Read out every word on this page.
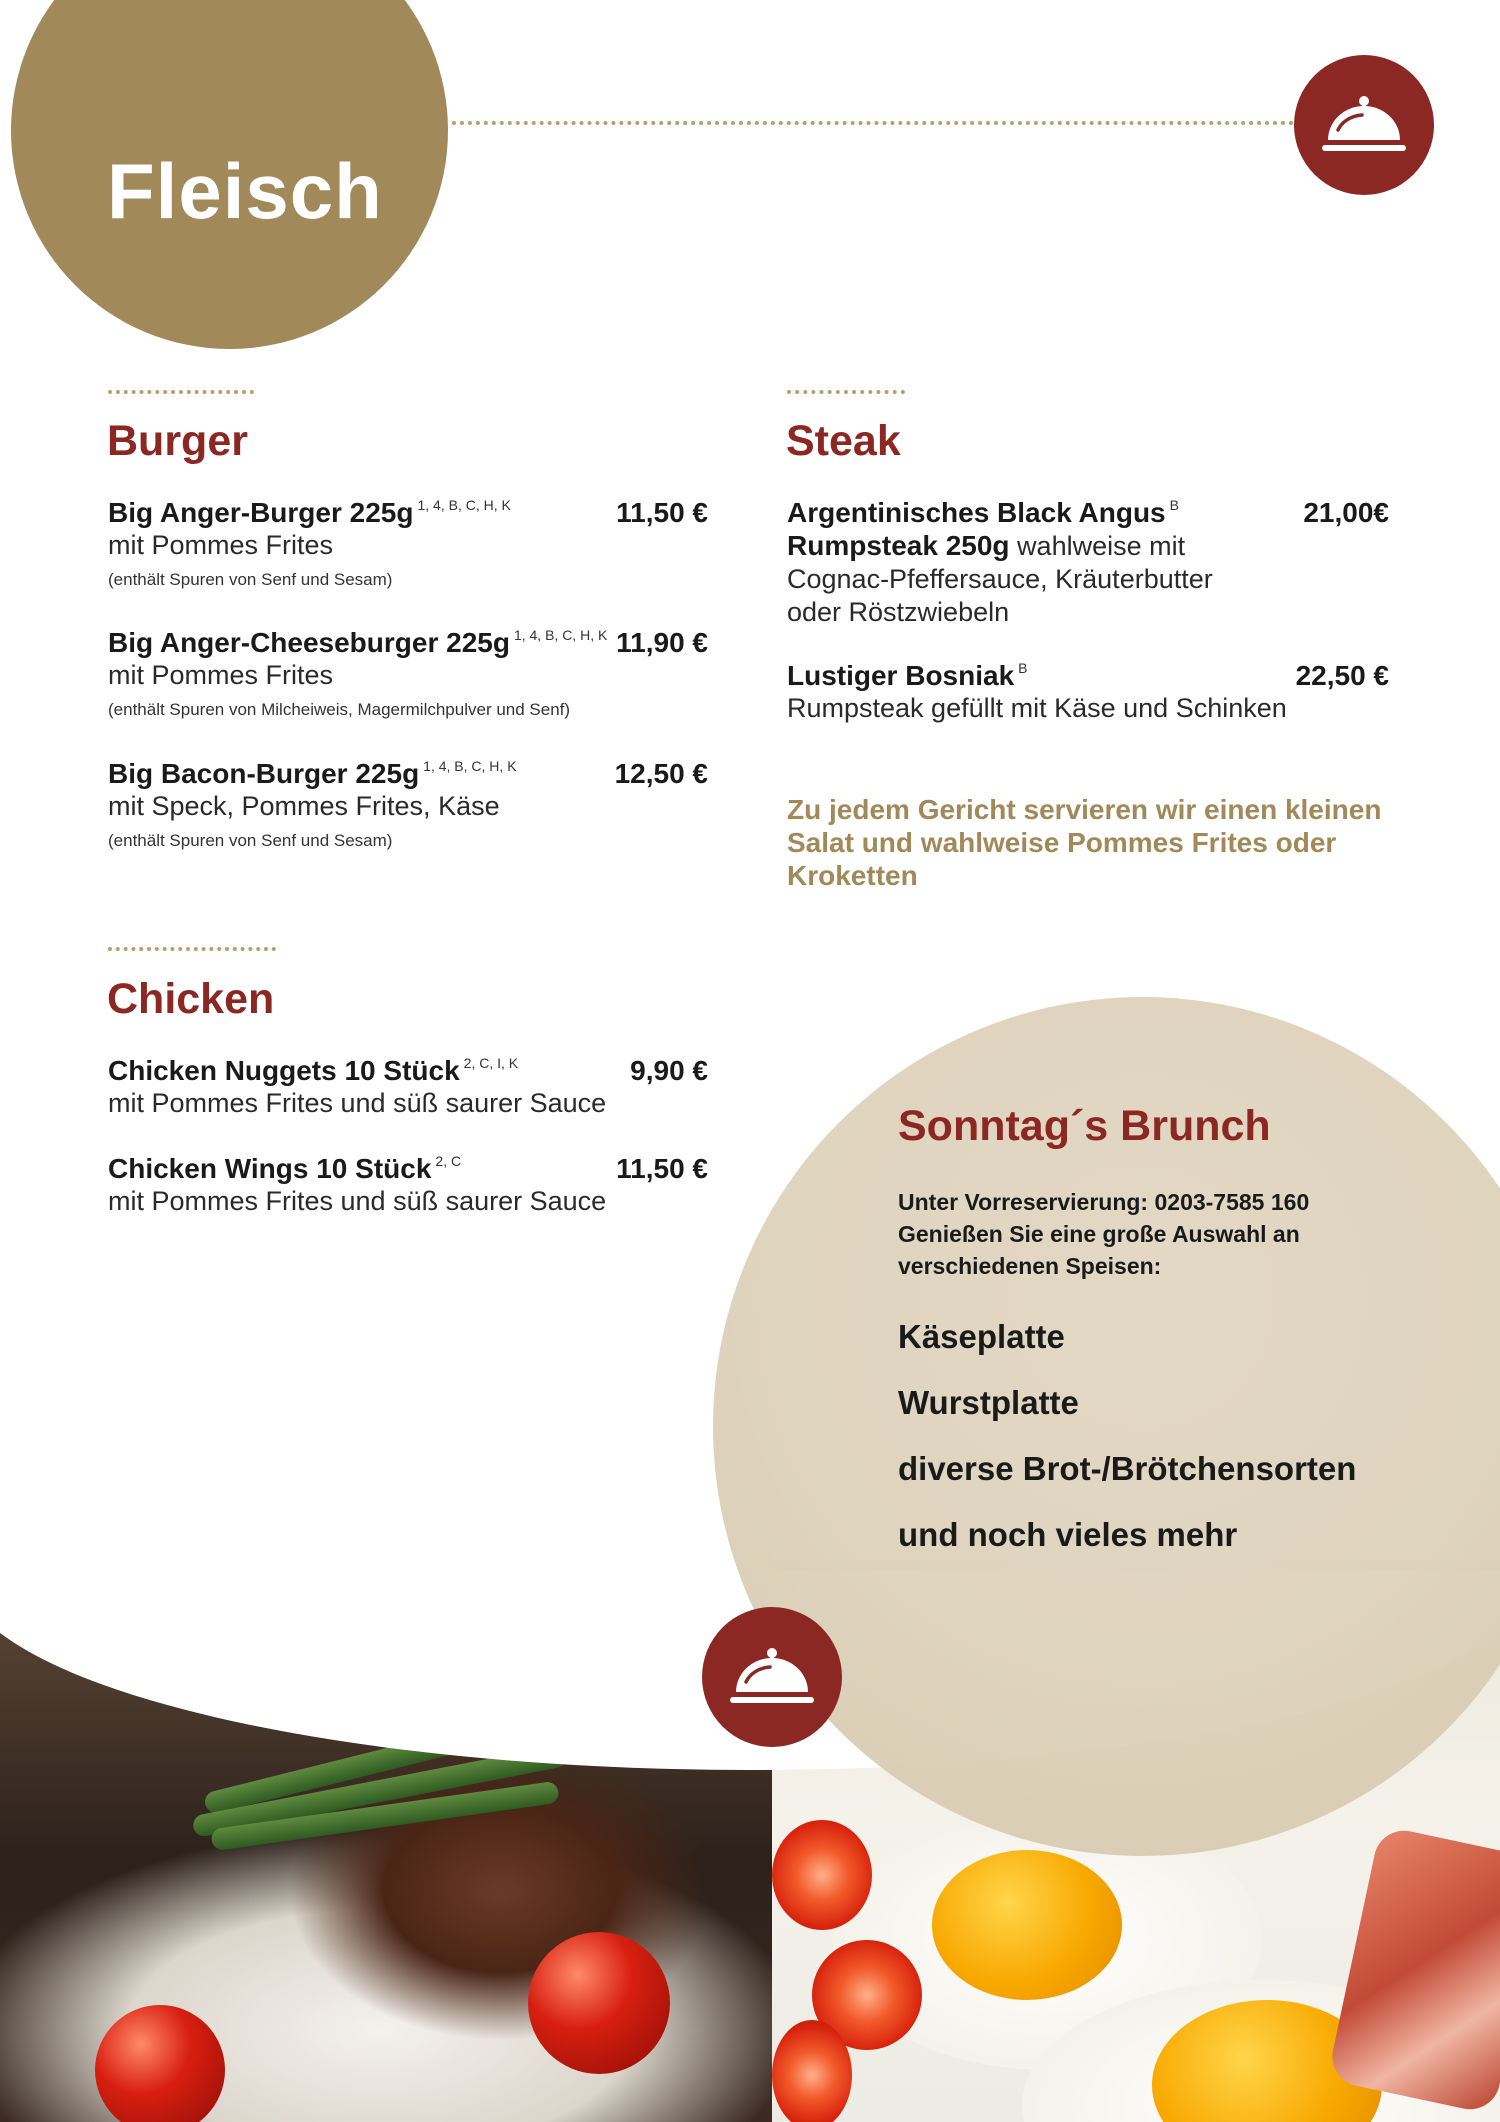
Fleisch
Burger
Big Anger-Burger 225g $^{1, 4, B, C, H, K}$	11,50 €
mit Pommes Frites
(enthält Spuren von Senf und Sesam)
Big Anger-Cheeseburger 225g $^{1, 4, B, C, H, K}$ 11,90 €
mit Pommes Frites
(enthält Spuren von Milcheiweis, Magermilchpulver und Senf)
Big Bacon-Burger 225g $^{1, 4, B, C, H, K}$	12,50 €
mit Speck, Pommes Frites, Käse
(enthält Spuren von Senf und Sesam)
Steak
Argentinisches Black Angus $^B$	21,00€
Rumpsteak 250g wahlweise mit
Cognac-Pfeffersauce, Kräuterbutter
oder Röstzwiebeln
Lustiger Bosniak $^B$	22,50 €
Rumpsteak gefüllt mit Käse und Schinken
Zu jedem Gericht servieren wir einen kleinen Salat und wahlweise Pommes Frites oder Kroketten
Chicken
Chicken Nuggets 10 Stück $^{2, C, I, K}$	9,90 €
mit Pommes Frites und süß saurer Sauce
Chicken Wings 10 Stück $^{2, C}$	11,50 €
mit Pommes Frites und süß saurer Sauce
Sonntag´s Brunch
Unter Vorreservierung: 0203-7585 160
Genießen Sie eine große Auswahl an
verschiedenen Speisen:
Käseplatte
Wurstplatte
diverse Brot-/Brötchensorten
und noch vieles mehr
